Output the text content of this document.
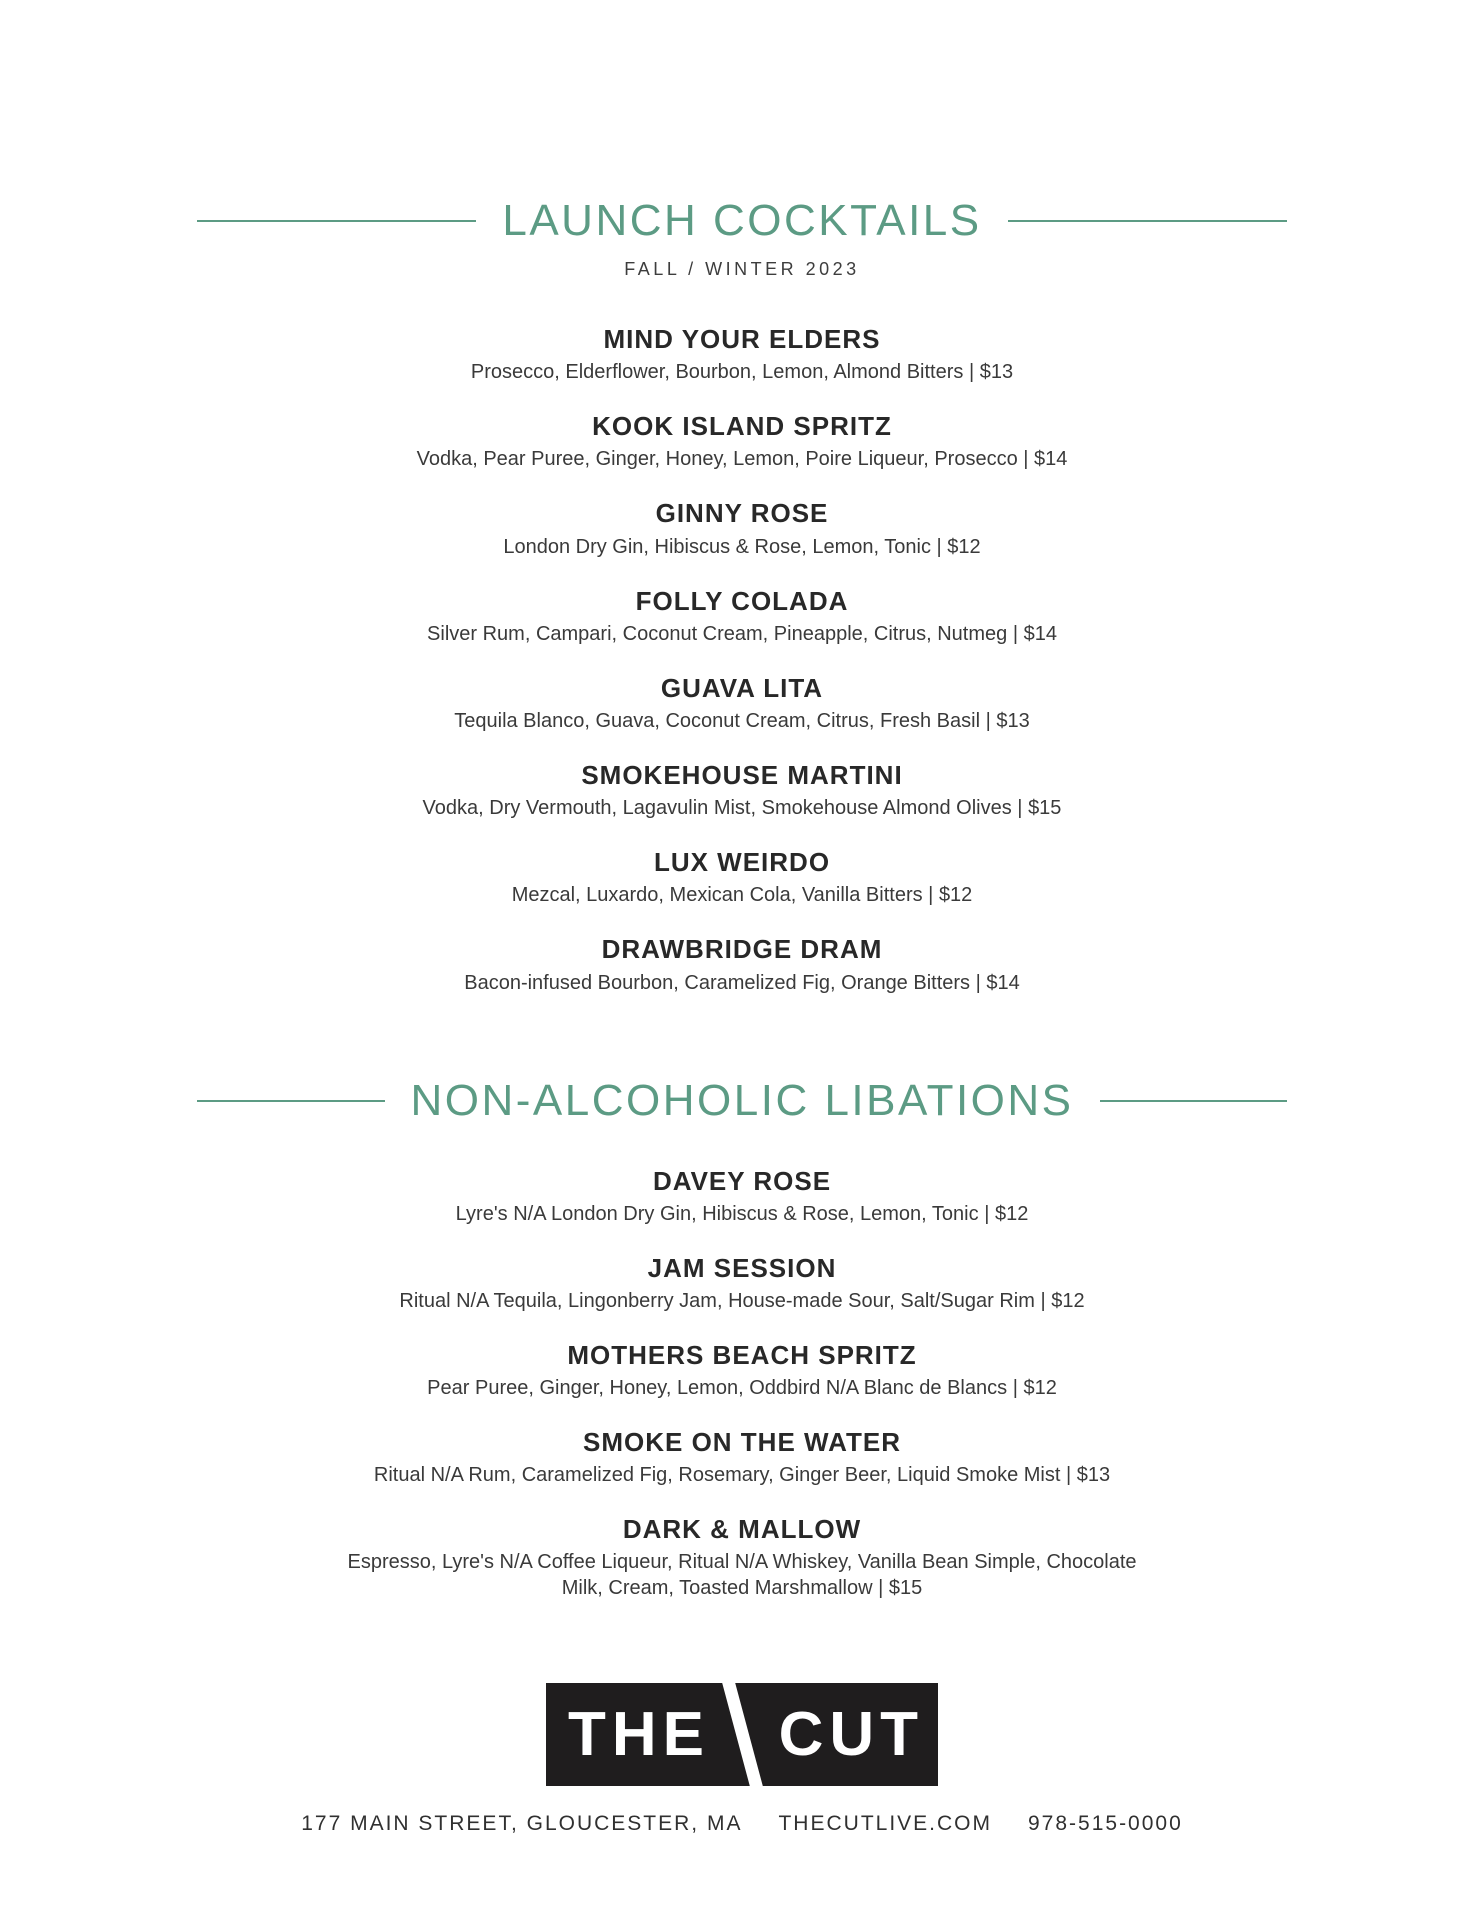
LAUNCH COCKTAILS
FALL / WINTER 2023
MIND YOUR ELDERS

Prosecco, Elderflower, Bourbon, Lemon, Almond Bitters | $13

KOOK ISLAND SPRITZ

Vodka, Pear Puree, Ginger, Honey, Lemon, Poire Liqueur, Prosecco | $14

GINNY ROSE

London Dry Gin, Hibiscus & Rose, Lemon, Tonic | $12

FOLLY COLADA

Silver Rum, Campari, Coconut Cream, Pineapple, Citrus, Nutmeg | $14

GUAVA LITA

Tequila Blanco, Guava, Coconut Cream, Citrus, Fresh Basil | $13

SMOKEHOUSE MARTINI

Vodka, Dry Vermouth, Lagavulin Mist, Smokehouse Almond Olives | $15

LUX WEIRDO

Mezcal, Luxardo, Mexican Cola, Vanilla Bitters | $12

DRAWBRIDGE DRAM

Bacon-infused Bourbon, Caramelized Fig, Orange Bitters | $14

NON-ALCOHOLIC LIBATIONS
DAVEY ROSE

Lyre's N/A London Dry Gin, Hibiscus & Rose, Lemon, Tonic | $12

JAM SESSION

Ritual N/A Tequila, Lingonberry Jam, House-made Sour, Salt/Sugar Rim | $12

MOTHERS BEACH SPRITZ

Pear Puree, Ginger, Honey, Lemon, Oddbird N/A Blanc de Blancs | $12

SMOKE ON THE WATER

Ritual N/A Rum, Caramelized Fig, Rosemary, Ginger Beer, Liquid Smoke Mist | $13

DARK & MALLOW

Espresso, Lyre's N/A Coffee Liqueur, Ritual N/A Whiskey, Vanilla Bean Simple, Chocolate Milk, Cream, Toasted Marshmallow | $15

THE CUT
177 MAIN STREET, GLOUCESTER, MA THECUTLIVE.COM 978-515-0000
